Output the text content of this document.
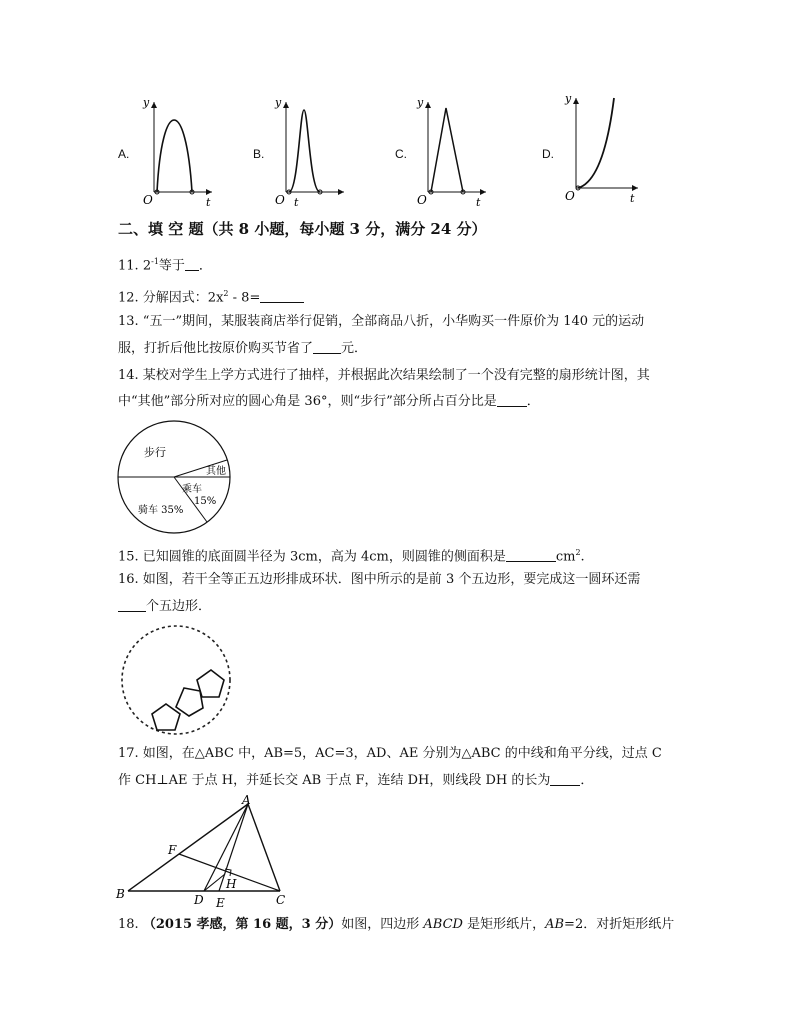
A.
y
O	t
B.
y
O t
C.
y
O	t
D.
y
O	t
二、填 空 题（共 8 小题，每小题 3 分，满分 24 分）
11. $2^{-1}$等于 ．
12. 分解因式：$2x^2 - 8=$
13. “五一”期间，某服装商店举行促销，全部商品八折，小华购买一件原价为 140 元的运动
服，打折后他比按原价购买节省了 元．
14. 某校对学生上学方式进行了抽样，并根据此次结果绘制了一个没有完整的扇形统计图，其
中“其他”部分所对应的圆心角是 36°，则“步行”部分所占百分比是 ．
步行
其他
乘车
15%
骑车 35%
15. 已知圆锥的底面圆半径为 3cm，高为 4cm，则圆锥的侧面积是	$cm^2$.
16. 如图，若干全等正五边形排成环状．图中所示的是前 3 个五边形，要完成这一圆环还需
个五边形．
17. 如图，在△ABC 中，AB=5，AC=3，AD、AE 分别为△ABC 的中线和角平分线，过点 C
作 CH⊥AE 于点 H，并延长交 AB 于点 F，连结 DH，则线段 DH 的长为 ．
A
B	C
D E
F
H
18. （2015 孝感，第 16 题，3 分）如图，四边形 ABCD 是矩形纸片，AB=2．对折矩形纸片
